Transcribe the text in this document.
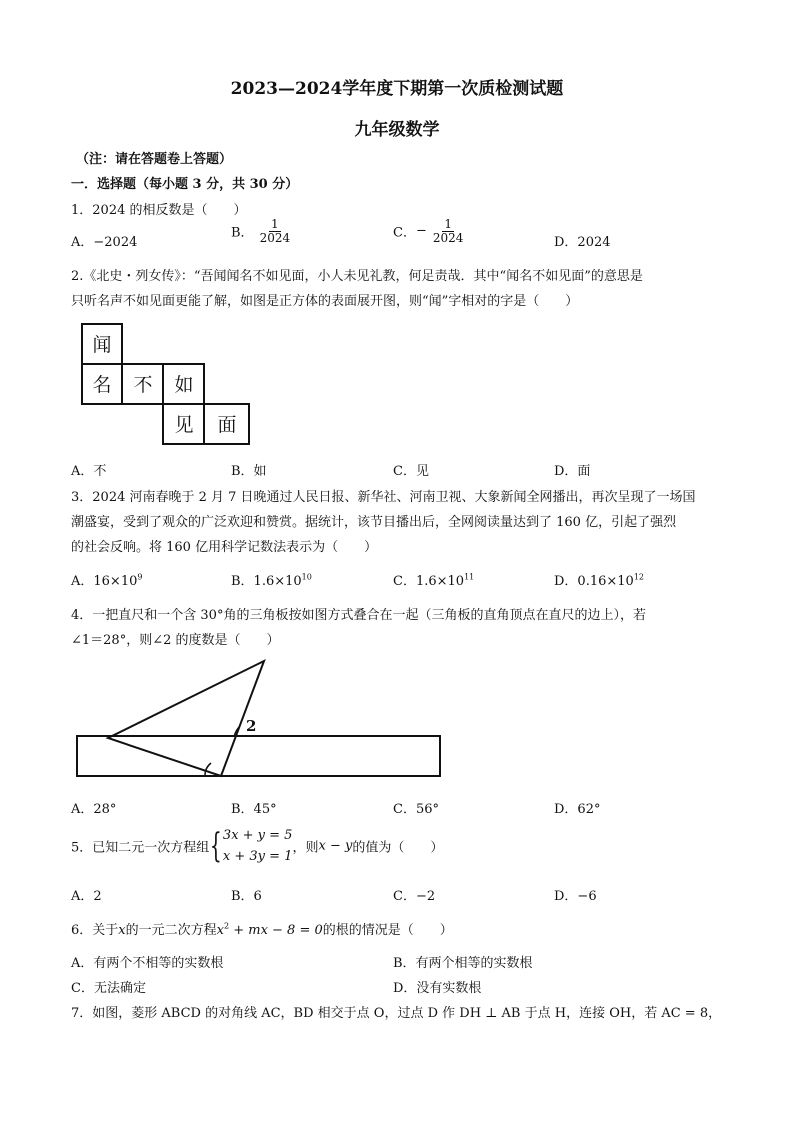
2023—2024学年度下期第一次质检测试题
九年级数学
（注：请在答题卷上答题）
一．选择题（每小题 3 分，共 30 分）
1．2024 的相反数是（　　）
A．−2024
B． $\frac{1}{2024}$	C．− $\frac{1}{2024}$	D．2024
2.《北史・列女传》：“吾闻闻名不如见面，小人未见礼教，何足责哉．其中“闻名不如见面”的意思是
只听名声不如见面更能了解，如图是正方体的表面展开图，则“闻”字相对的字是（　　）
闻
名 不 如
见 面
A．不	B．如	C．见	D．面
3．2024 河南春晚于 2 月 7 日晚通过人民日报、新华社、河南卫视、大象新闻全网播出，再次呈现了一场国
潮盛宴，受到了观众的广泛欢迎和赞赏。据统计，该节目播出后，全网阅读量达到了 160 亿，引起了强烈
的社会反响。将 160 亿用科学记数法表示为（　　）
A．$16\times 10^9$	B．$1.6\times 10^{10}$	C．$1.6\times 10^{11}$	D．$0.16\times 10^{12}$
4．一把直尺和一个含 30°角的三角板按如图方式叠合在一起（三角板的直角顶点在直尺的边上），若
∠1＝28°，则∠2 的度数是（　　）
2
A．28°	B．45°	C．56°	D．62°
5．已知二元一次方程组{ 3x + y = 5
x + 3y = 1
，则x − y的值为（　　）
A．2	B．6	C．−2	D．−6
6．关于x的一元二次方程$x^2$ + mx − 8 = 0的根的情况是（　　）
A．有两个不相等的实数根	B．有两个相等的实数根
C．无法确定	D．没有实数根
7．如图，菱形 ABCD 的对角线 AC，BD 相交于点 O，过点 D 作 DH ⊥ AB 于点 H，连接 OH，若 AC = 8，
